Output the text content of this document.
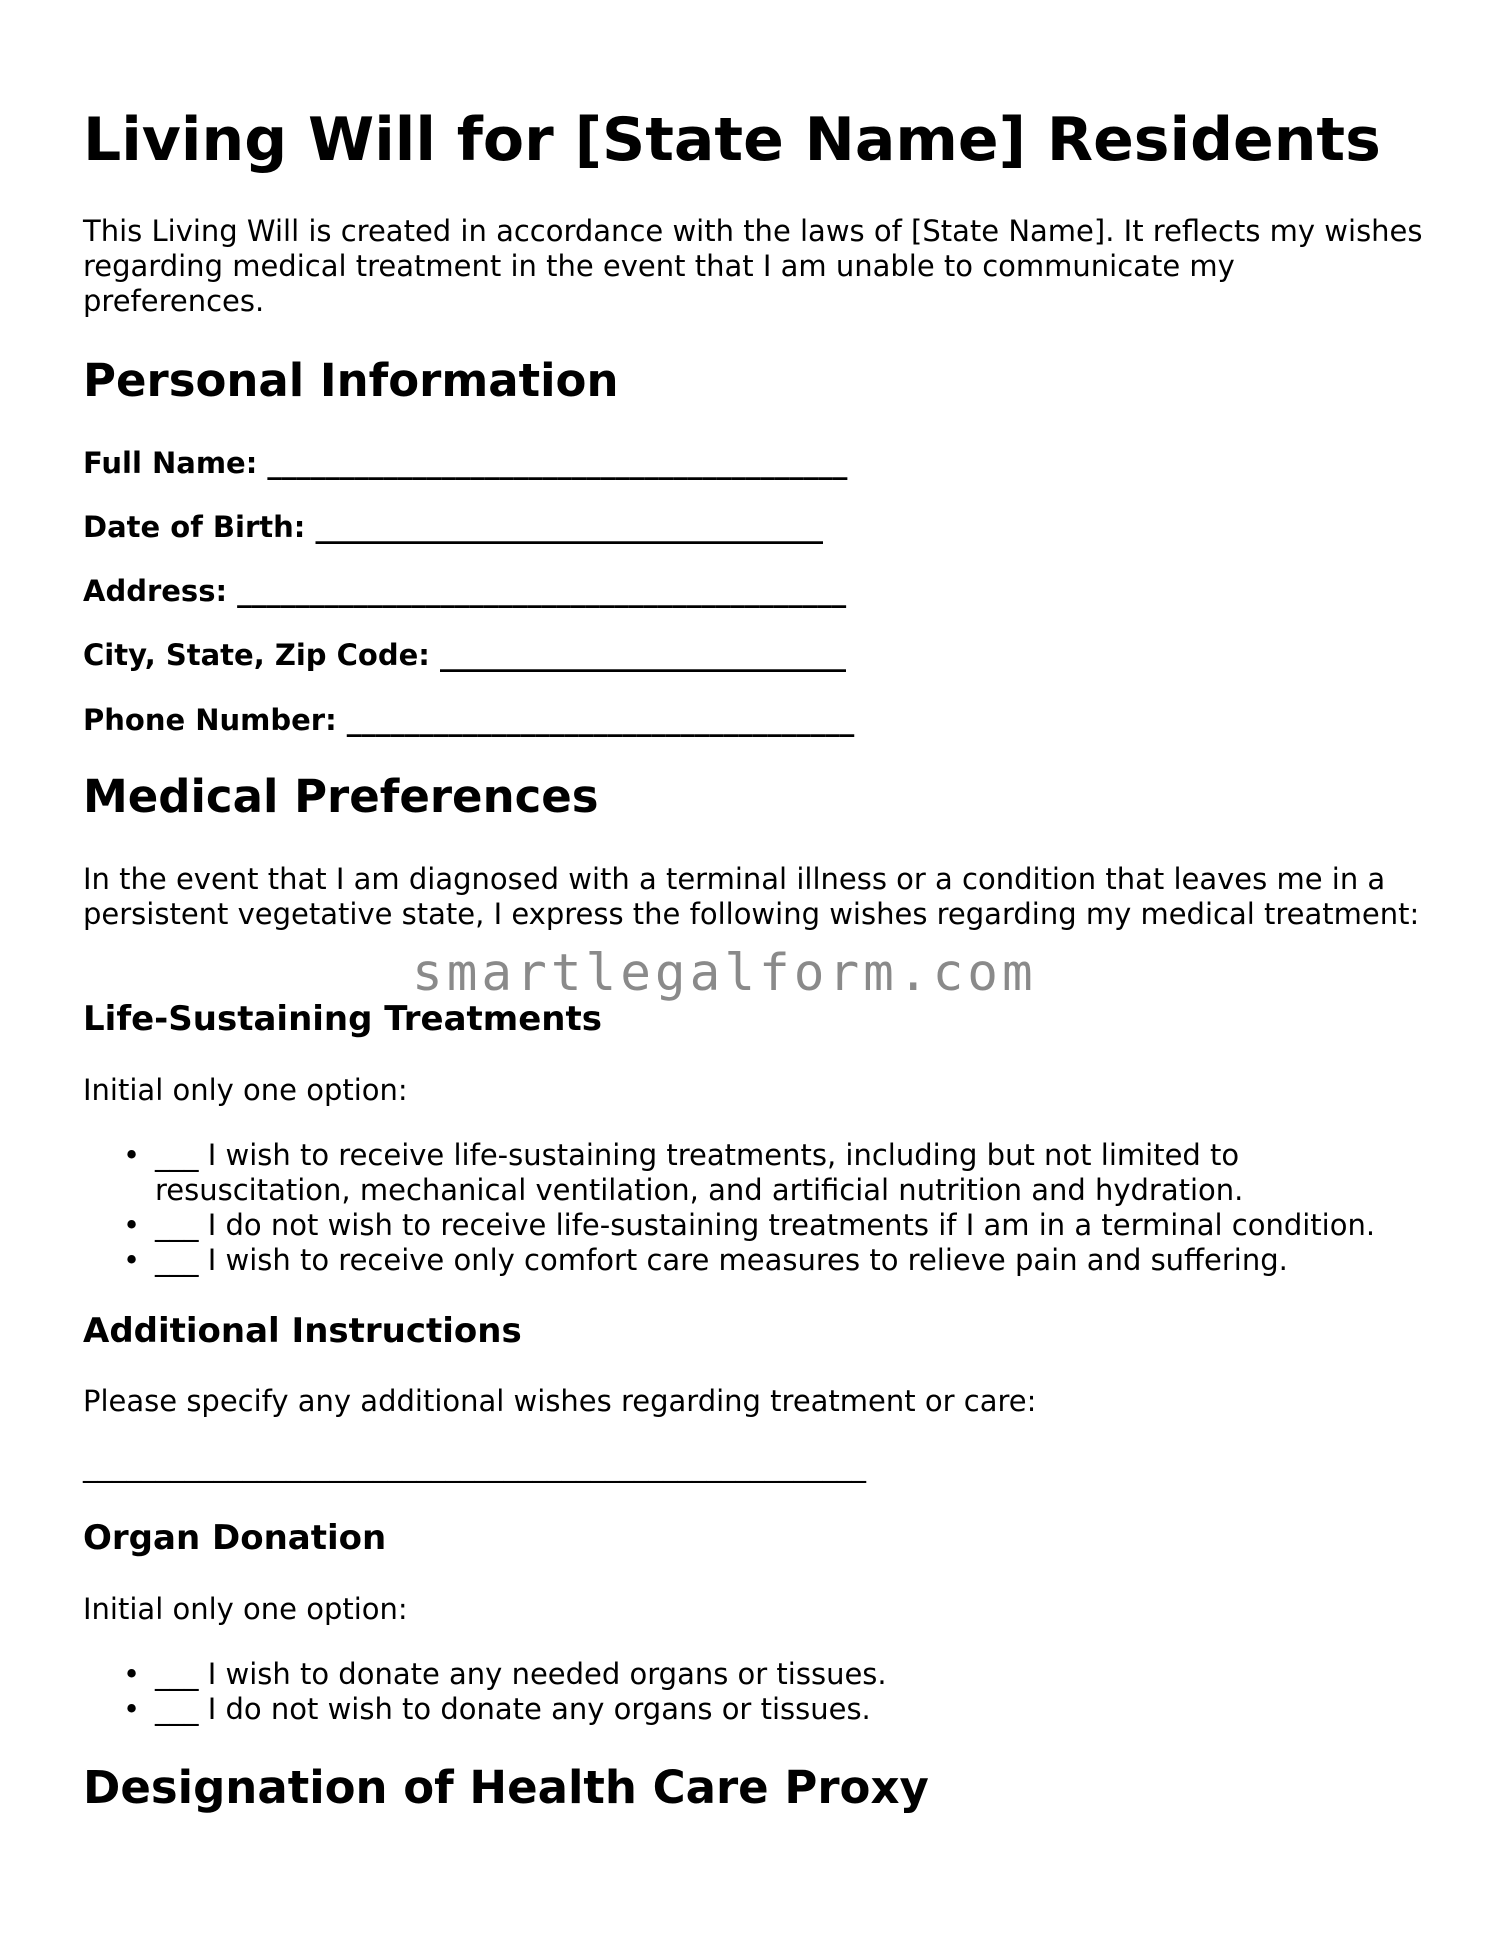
Living Will for [State Name] Residents

This Living Will is created in accordance with the laws of [State Name]. It reflects my wishes regarding medical treatment in the event that I am unable to communicate my preferences.

Personal Information

Full Name: ________________________________________

Date of Birth: ___________________________________

Address: __________________________________________

City, State, Zip Code: ____________________________

Phone Number: ___________________________________

Medical Preferences

In the event that I am diagnosed with a terminal illness or a condition that leaves me in a persistent vegetative state, I express the following wishes regarding my medical treatment:

Life-Sustaining Treatments

Initial only one option:

• ___ I wish to receive life-sustaining treatments, including but not limited to resuscitation, mechanical ventilation, and artificial nutrition and hydration.
• ___ I do not wish to receive life-sustaining treatments if I am in a terminal condition.
• ___ I wish to receive only comfort care measures to relieve pain and suffering.
Additional Instructions

Please specify any additional wishes regarding treatment or care:

______________________________________________________

Organ Donation

Initial only one option:

• ___ I wish to donate any needed organs or tissues.
• ___ I do not wish to donate any organs or tissues.
Designation of Health Care Proxy
smartlegalform.com
